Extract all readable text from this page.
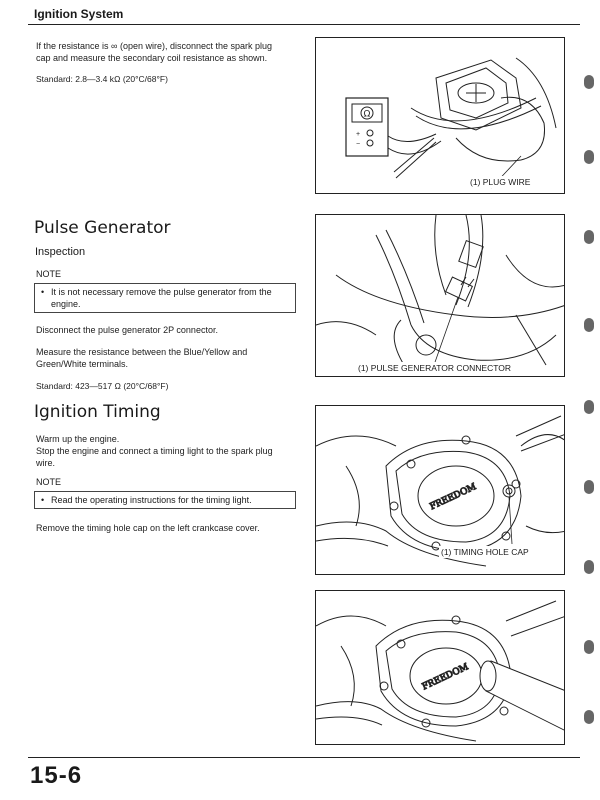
Ignition System
If the resistance is ∞ (open wire), disconnect the spark plug
cap and measure the secondary coil resistance as shown.
Standard: 2.8—3.4 kΩ (20°C/68°F)
Ω
+
−
(1) PLUG WIRE
Pulse Generator
Inspection
NOTE
• It is not necessary remove the pulse generator from the
engine.
Disconnect the pulse generator 2P connector.
Measure the resistance between the Blue/Yellow and
Green/White terminals.
Standard: 423—517 Ω (20°C/68°F)
(1) PULSE GENERATOR CONNECTOR
Ignition Timing
Warm up the engine.
Stop the engine and connect a timing light to the spark plug
wire.
NOTE
• Read the operating instructions for the timing light.
Remove the timing hole cap on the left crankcase cover.
FREEDOM
(1) TIMING HOLE CAP
FREEDOM
15-6
